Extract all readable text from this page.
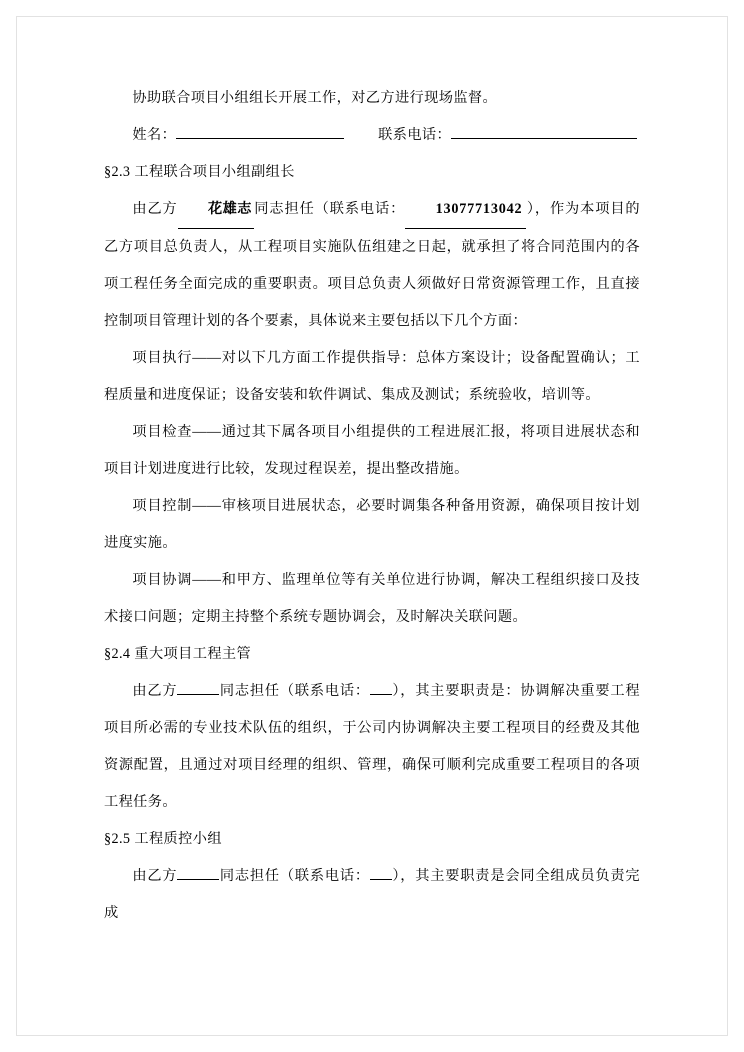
协助联合项目小组组长开展工作，对乙方进行现场监督。

姓名：	联系电话：

§2.3 工程联合项目小组副组长

由乙方 花雄志 同志担任（联系电话： 13077713042 ），作为本项目的乙方项目总负责人，从工程项目实施队伍组建之日起，就承担了将合同范围内的各项工程任务全面完成的重要职责。项目总负责人须做好日常资源管理工作，且直接控制项目管理计划的各个要素，具体说来主要包括以下几个方面：

项目执行——对以下几方面工作提供指导：总体方案设计；设备配置确认；工程质量和进度保证；设备安装和软件调试、集成及测试；系统验收，培训等。

项目检查——通过其下属各项目小组提供的工程进展汇报，将项目进展状态和项目计划进度进行比较，发现过程误差，提出整改措施。

项目控制——审核项目进展状态，必要时调集各种备用资源，确保项目按计划进度实施。

项目协调——和甲方、监理单位等有关单位进行协调，解决工程组织接口及技术接口问题；定期主持整个系统专题协调会，及时解决关联问题。

§2.4 重大项目工程主管

由乙方	同志担任（联系电话： ），其主要职责是：协调解决重要工程项目所必需的专业技术队伍的组织，于公司内协调解决主要工程项目的经费及其他资源配置，且通过对项目经理的组织、管理，确保可顺利完成重要工程项目的各项工程任务。

§2.5 工程质控小组

由乙方	同志担任（联系电话： ），其主要职责是会同全组成员负责完成
